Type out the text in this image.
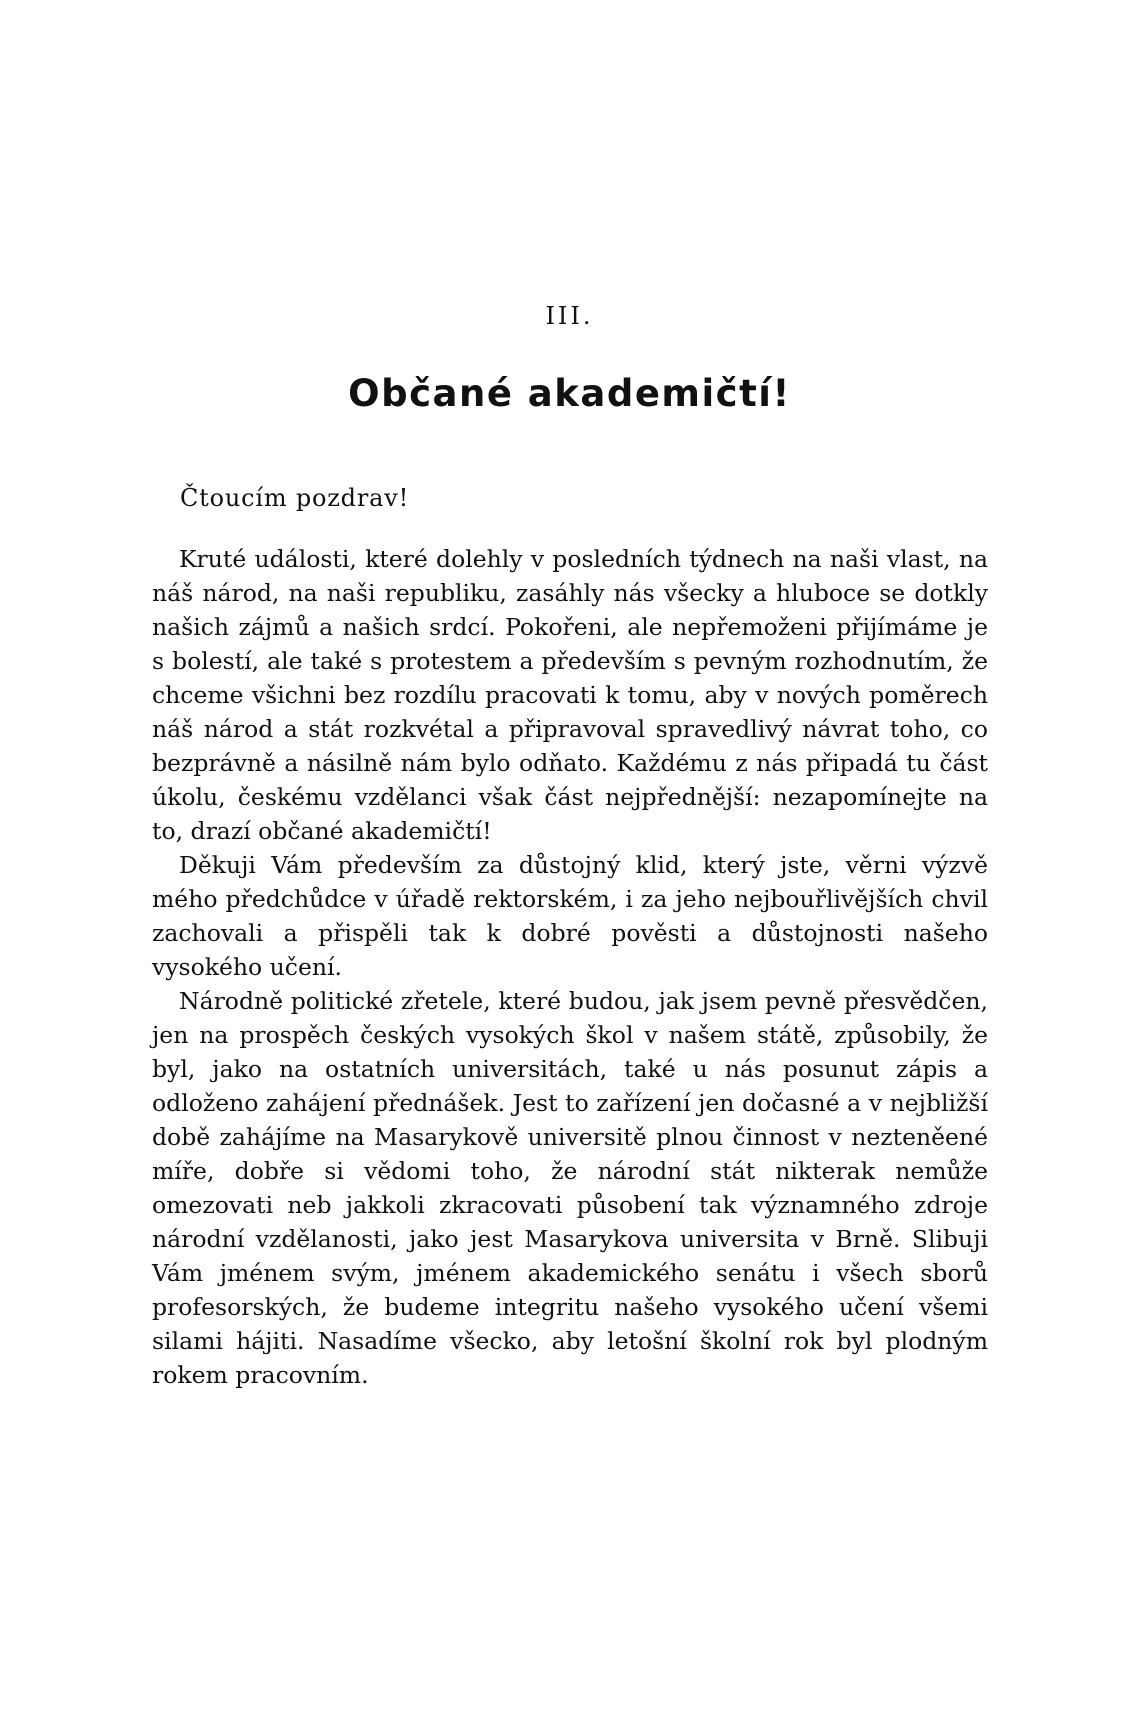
III.
Občané akademičtí!
Čtoucím pozdrav!

Kruté události, které dolehly v posledních týdnech na naši vlast, na náš národ, na naši republiku, zasáhly nás všecky a hluboce se dotkly našich zájmů a našich srdcí. Pokořeni, ale nepřemoženi přijímáme je s bolestí, ale také s protestem a především s pevným rozhodnutím, že chceme všichni bez rozdílu pracovati k tomu, aby v nových poměrech náš národ a stát rozkvétal a připravoval spravedlivý návrat toho, co bezprávně a násilně nám bylo odňato. Každému z nás připadá tu část úkolu, českému vzdělanci však část nejpřednější: nezapomínejte na to, drazí občané akademičtí!

Děkuji Vám především za důstojný klid, který jste, věrni výzvě mého předchůdce v úřadě rektorském, i za jeho nejbouřlivějších chvil zachovali a přispěli tak k dobré pověsti a důstojnosti našeho vysokého učení.

Národně politické zřetele, které budou, jak jsem pevně přesvědčen, jen na prospěch českých vysokých škol v našem státě, způsobily, že byl, jako na ostatních universitách, také u nás posunut zápis a odloženo zahájení přednášek. Jest to zařízení jen dočasné a v nejbližší době zahájíme na Masarykově universitě plnou činnost v nezteněené míře, dobře si vědomi toho, že národní stát nikterak nemůže omezovati neb jakkoli zkracovati působení tak významného zdroje národní vzdělanosti, jako jest Masarykova universita v Brně. Slibuji Vám jménem svým, jménem akademického senátu i všech sborů profesorských, že budeme integritu našeho vysokého učení všemi silami hájiti. Nasadíme všecko, aby letošní školní rok byl plodným rokem pracovním.
